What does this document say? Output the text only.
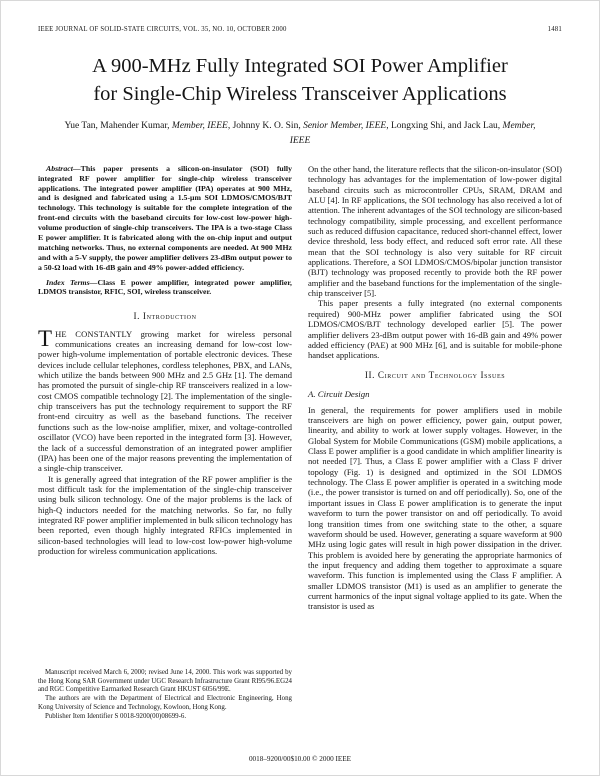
IEEE JOURNAL OF SOLID-STATE CIRCUITS, VOL. 35, NO. 10, OCTOBER 2000	1481
A 900-MHz Fully Integrated SOI Power Amplifier
for Single-Chip Wireless Transceiver Applications
Yue Tan, Mahender Kumar, Member, IEEE, Johnny K. O. Sin, Senior Member, IEEE, Longxing Shi, and Jack Lau, Member, IEEE

Abstract—This paper presents a silicon-on-insulator (SOI) fully integrated RF power amplifier for single-chip wireless transceiver applications. The integrated power amplifier (IPA) operates at 900 MHz, and is designed and fabricated using a 1.5-μm SOI LDMOS/CMOS/BJT technology. This technology is suitable for the complete integration of the front-end circuits with the baseband circuits for low-cost low-power high-volume production of single-chip transceivers. The IPA is a two-stage Class E power amplifier. It is fabricated along with the on-chip input and output matching networks. Thus, no external components are needed. At 900 MHz and with a 5-V supply, the power amplifier delivers 23-dBm output power to a 50-Ω load with 16-dB gain and 49% power-added efficiency.

Index Terms—Class E power amplifier, integrated power amplifier, LDMOS transistor, RFIC, SOI, wireless transceiver.

I. Introduction

THE CONSTANTLY growing market for wireless personal communications creates an increasing demand for low-cost low-power high-volume implementation of portable electronic devices. These devices include cellular telephones, cordless telephones, PBX, and LANs, which utilize the bands between 900 MHz and 2.5 GHz [1]. The demand has promoted the pursuit of single-chip RF transceivers realized in a low-cost CMOS compatible technology [2]. The implementation of the single-chip transceivers has put the technology requirement to support the RF front-end circuitry as well as the baseband functions. The receiver functions such as the low-noise amplifier, mixer, and voltage-controlled oscillator (VCO) have been reported in the integrated form [3]. However, the lack of a successful demonstration of an integrated power amplifier (IPA) has been one of the major reasons preventing the implementation of a single-chip transceiver.

It is generally agreed that integration of the RF power amplifier is the most difficult task for the implementation of the single-chip transceiver using bulk silicon technology. One of the major problems is the lack of high-Q inductors needed for the matching networks. So far, no fully integrated RF power amplifier implemented in bulk silicon technology has been reported, even though highly integrated RFICs implemented in silicon-based technologies will lead to low-cost low-power high-volume production for wireless communication applications.

Manuscript received March 6, 2000; revised June 14, 2000. This work was supported by the Hong Kong SAR Government under UGC Research Infrastructure Grant RI95/96.EG24 and RGC Competitive Earmarked Research Grant HKUST 6056/99E.

The authors are with the Department of Electrical and Electronic Engineering, Hong Kong University of Science and Technology, Kowloon, Hong Kong.

Publisher Item Identifier S 0018-9200(00)08699-6.

On the other hand, the literature reflects that the silicon-on-insulator (SOI) technology has advantages for the implementation of low-power digital baseband circuits such as microcontroller CPUs, SRAM, DRAM and ALU [4]. In RF applications, the SOI technology has also received a lot of attention. The inherent advantages of the SOI technology are silicon-based technology compatibility, simple processing, and excellent performance such as reduced diffusion capacitance, reduced short-channel effect, lower device threshold, less body effect, and reduced soft error rate. All these mean that the SOI technology is also very suitable for RF circuit applications. Therefore, a SOI LDMOS/CMOS/bipolar junction transistor (BJT) technology was proposed recently to provide both the RF power amplifier and the baseband functions for the implementation of the single-chip transceiver [5].

This paper presents a fully integrated (no external components required) 900-MHz power amplifier fabricated using the SOI LDMOS/CMOS/BJT technology developed earlier [5]. The power amplifier delivers 23-dBm output power with 16-dB gain and 49% power added efficiency (PAE) at 900 MHz [6], and is suitable for mobile-phone handset applications.

II. Circuit and Technology Issues
A. Circuit Design

In general, the requirements for power amplifiers used in mobile transceivers are high on power efficiency, power gain, output power, linearity, and ability to work at lower supply voltages. However, in the Global System for Mobile Communications (GSM) mobile applications, a Class E power amplifier is a good candidate in which amplifier linearity is not needed [7]. Thus, a Class E power amplifier with a Class F driver topology (Fig. 1) is designed and optimized in the SOI LDMOS technology. The Class E power amplifier is operated in a switching mode (i.e., the power transistor is turned on and off periodically). So, one of the important issues in Class E power amplification is to generate the input waveform to turn the power transistor on and off periodically. To avoid long transition times from one switching state to the other, a square waveform should be used. However, generating a square waveform at 900 MHz using logic gates will result in high power dissipation in the driver. This problem is avoided here by generating the appropriate harmonics of the input frequency and adding them together to approximate a square waveform. This function is implemented using the Class F amplifier. A smaller LDMOS transistor (M1) is used as an amplifier to generate the current harmonics of the input signal voltage applied to its gate. When the transistor is used as

0018–9200/00$10.00 © 2000 IEEE
